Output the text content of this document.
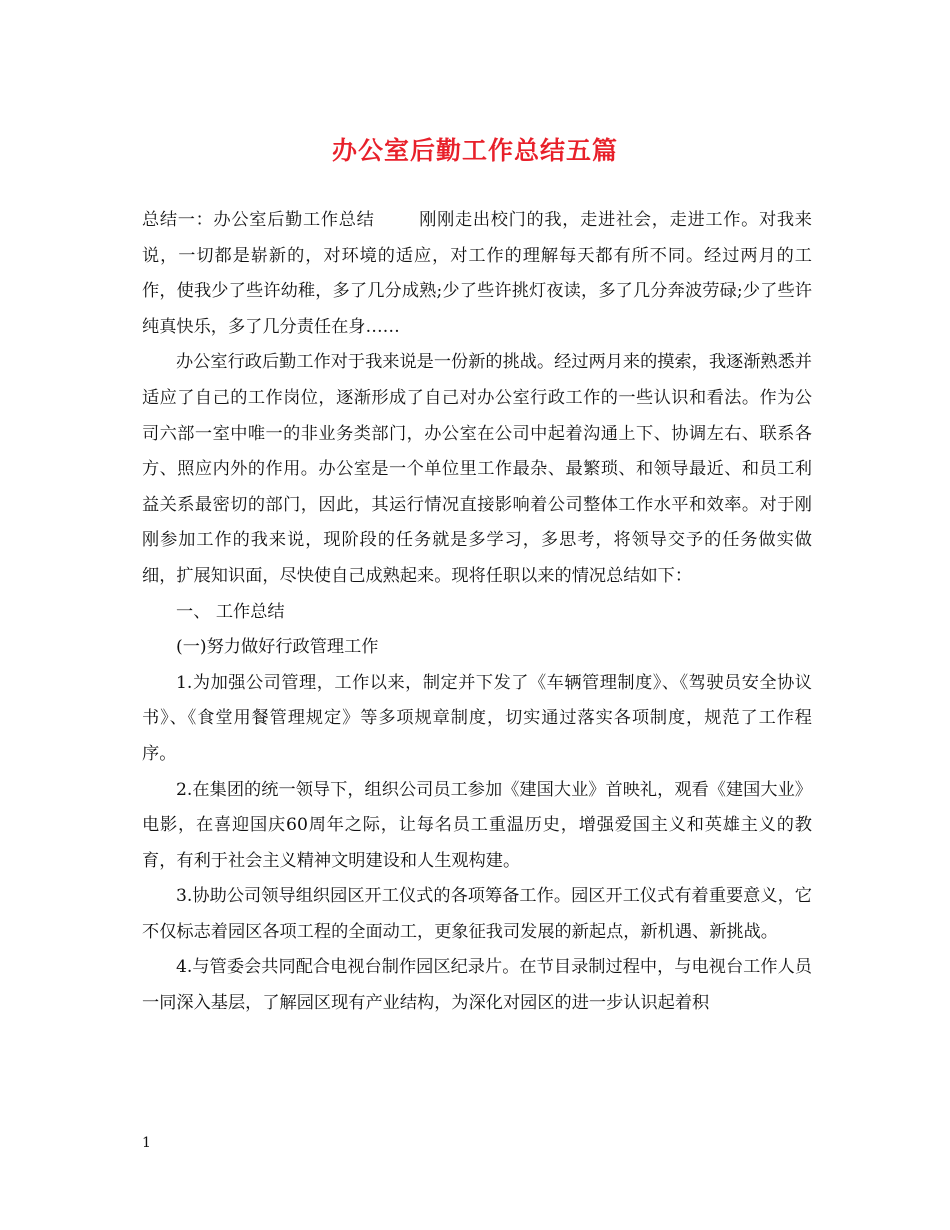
办公室后勤工作总结五篇

总结一：办公室后勤工作总结	刚刚走出校门的我，走进社会，走进工作。对我来说，一切都是崭新的，对环境的适应，对工作的理解每天都有所不同。经过两月的工作，使我少了些许幼稚，多了几分成熟;少了些许挑灯夜读，多了几分奔波劳碌;少了些许纯真快乐，多了几分责任在身……

办公室行政后勤工作对于我来说是一份新的挑战。经过两月来的摸索，我逐渐熟悉并适应了自己的工作岗位，逐渐形成了自己对办公室行政工作的一些认识和看法。作为公司六部一室中唯一的非业务类部门，办公室在公司中起着沟通上下、协调左右、联系各方、照应内外的作用。办公室是一个单位里工作最杂、最繁琐、和领导最近、和员工利益关系最密切的部门，因此，其运行情况直接影响着公司整体工作水平和效率。对于刚刚参加工作的我来说，现阶段的任务就是多学习，多思考，将领导交予的任务做实做细，扩展知识面，尽快使自己成熟起来。现将任职以来的情况总结如下：

一、 工作总结

(一)努力做好行政管理工作

1.为加强公司管理，工作以来，制定并下发了《车辆管理制度》、《驾驶员安全协议书》、《食堂用餐管理规定》等多项规章制度，切实通过落实各项制度，规范了工作程序。

2.在集团的统一领导下，组织公司员工参加《建国大业》首映礼，观看《建国大业》电影，在喜迎国庆60周年之际，让每名员工重温历史，增强爱国主义和英雄主义的教育，有利于社会主义精神文明建设和人生观构建。

3.协助公司领导组织园区开工仪式的各项筹备工作。园区开工仪式有着重要意义，它不仅标志着园区各项工程的全面动工，更象征我司发展的新起点，新机遇、新挑战。

4.与管委会共同配合电视台制作园区纪录片。在节目录制过程中，与电视台工作人员一同深入基层，了解园区现有产业结构，为深化对园区的进一步认识起着积

1
